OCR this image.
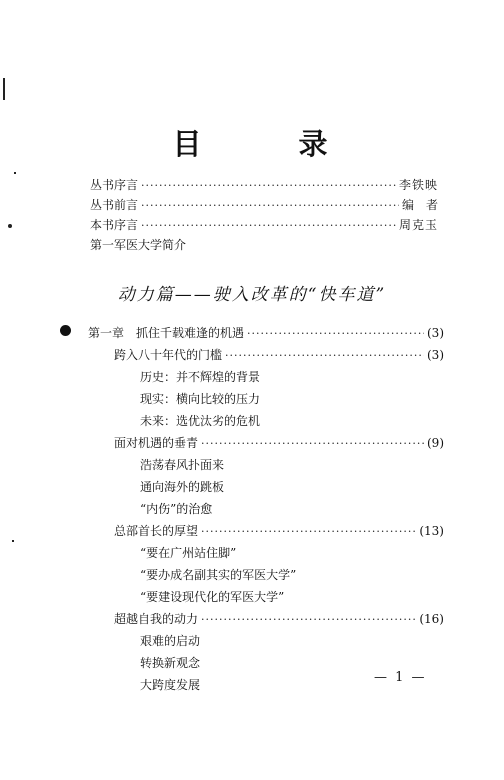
目　录
丛书序言 ·····	李铁映
丛书前言 ·····	编者
本书序言 ·····	周克玉
第一军医大学简介
动力篇——驶入改革的“快车道”
第一章　抓住千载难逢的机遇 ·····	(3)
跨入八十年代的门槛 ·····	(3)
历史：并不辉煌的背景
现实：横向比较的压力
未来：选优汰劣的危机
面对机遇的垂青 ·····	(9)
浩荡春风扑面来
通向海外的跳板
“内伤”的治愈
总部首长的厚望 ·····	(13)
“要在广州站住脚”
“要办成名副其实的军医大学”
“要建设现代化的军医大学”
超越自我的动力 ·····	(16)
艰难的启动
转换新观念
大跨度发展	— 1 —
